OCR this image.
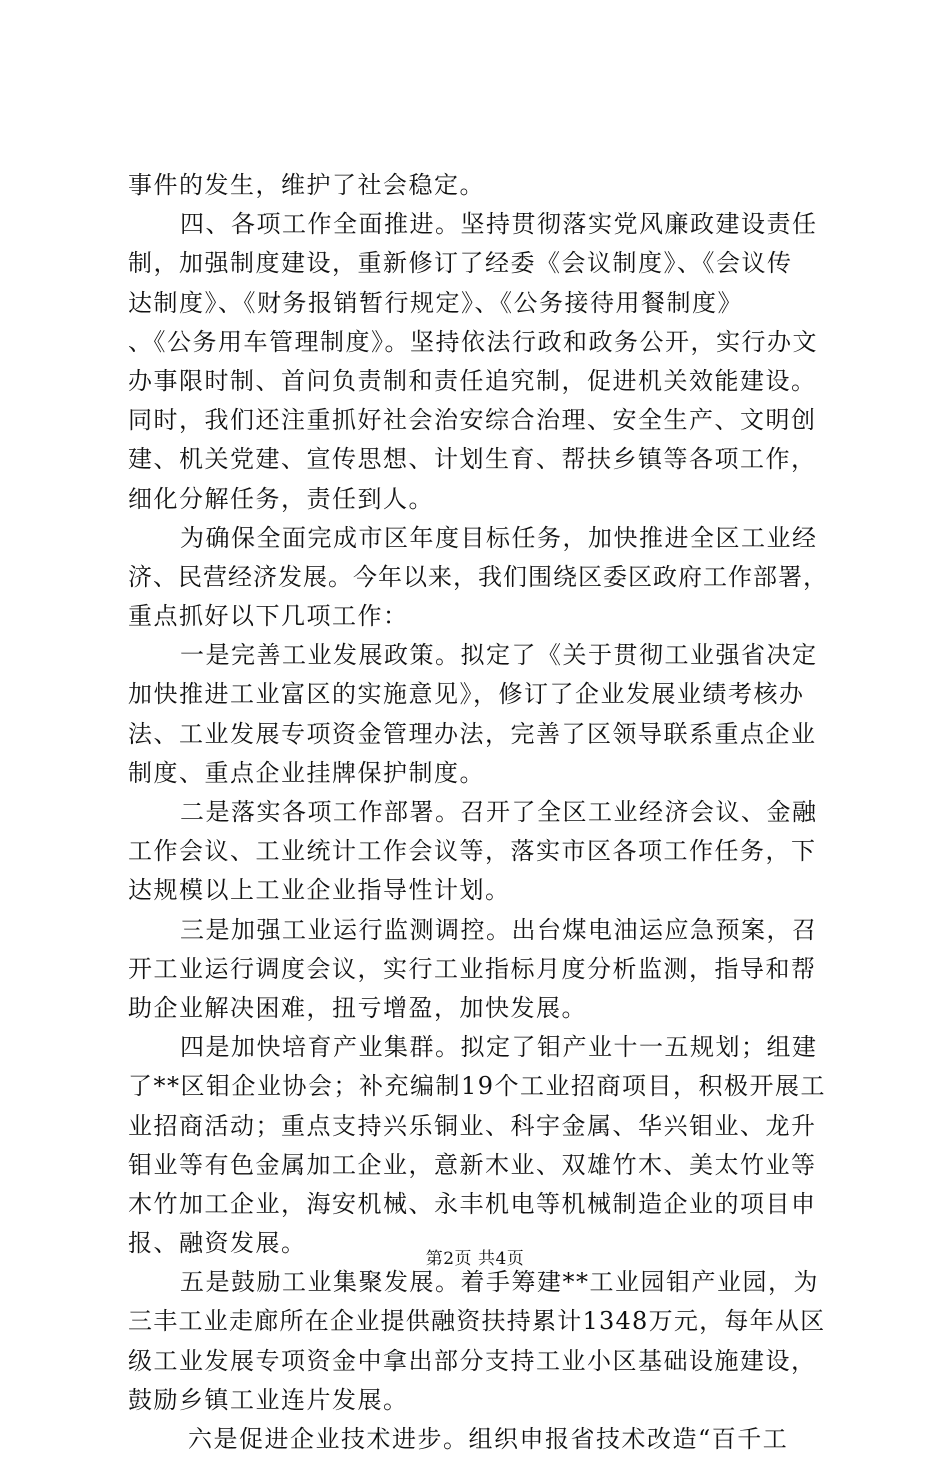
事件的发生，维护了社会稳定。
四、各项工作全面推进。坚持贯彻落实党风廉政建设责任
制，加强制度建设，重新修订了经委《会议制度》、《会议传
达制度》、《财务报销暂行规定》、《公务接待用餐制度》
、《公务用车管理制度》。坚持依法行政和政务公开，实行办文
办事限时制、首问负责制和责任追究制，促进机关效能建设。
同时，我们还注重抓好社会治安综合治理、安全生产、文明创
建、机关党建、宣传思想、计划生育、帮扶乡镇等各项工作，
细化分解任务，责任到人。
为确保全面完成市区年度目标任务，加快推进全区工业经
济、民营经济发展。今年以来，我们围绕区委区政府工作部署，
重点抓好以下几项工作：
一是完善工业发展政策。拟定了《关于贯彻工业强省决定
加快推进工业富区的实施意见》，修订了企业发展业绩考核办
法、工业发展专项资金管理办法，完善了区领导联系重点企业
制度、重点企业挂牌保护制度。
二是落实各项工作部署。召开了全区工业经济会议、金融
工作会议、工业统计工作会议等，落实市区各项工作任务，下
达规模以上工业企业指导性计划。
三是加强工业运行监测调控。出台煤电油运应急预案，召
开工业运行调度会议，实行工业指标月度分析监测，指导和帮
助企业解决困难，扭亏增盈，加快发展。
四是加快培育产业集群。拟定了钼产业十一五规划；组建
了**区钼企业协会；补充编制19个工业招商项目，积极开展工
业招商活动；重点支持兴乐铜业、科宇金属、华兴钼业、龙升
钼业等有色金属加工企业，意新木业、双雄竹木、美太竹业等
木竹加工企业，海安机械、永丰机电等机械制造企业的项目申
报、融资发展。
五是鼓励工业集聚发展。着手筹建**工业园钼产业园，为
三丰工业走廊所在企业提供融资扶持累计1348万元，每年从区
级工业发展专项资金中拿出部分支持工业小区基础设施建设，
鼓励乡镇工业连片发展。
六是促进企业技术进步。组织申报省技术改造“百千工
第2页 共4页
